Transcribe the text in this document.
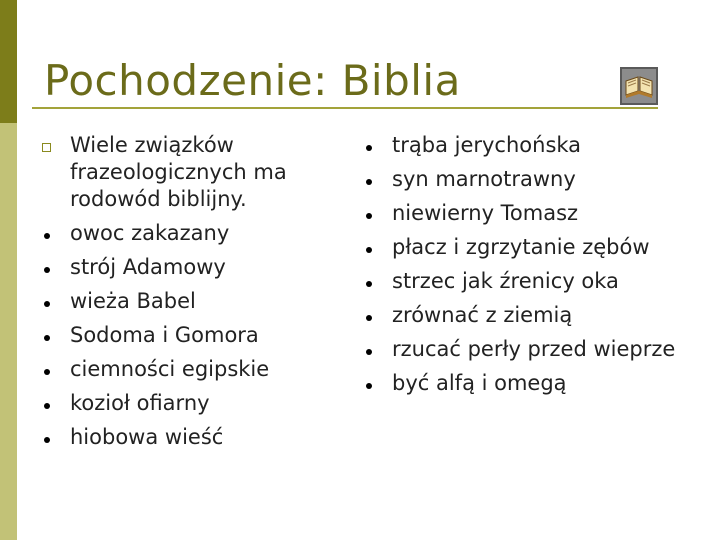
Pochodzenie: Biblia
Wiele związków frazeologicznych ma rodowód biblijny.
owoc zakazany
strój Adamowy
wieża Babel
Sodoma i Gomora
ciemności egipskie
kozioł ofiarny
hiobowa wieść
trąba jerychońska
syn marnotrawny
niewierny Tomasz
płacz i zgrzytanie zębów
strzec jak źrenicy oka
zrównać z ziemią
rzucać perły przed wieprze
być alfą i omegą
